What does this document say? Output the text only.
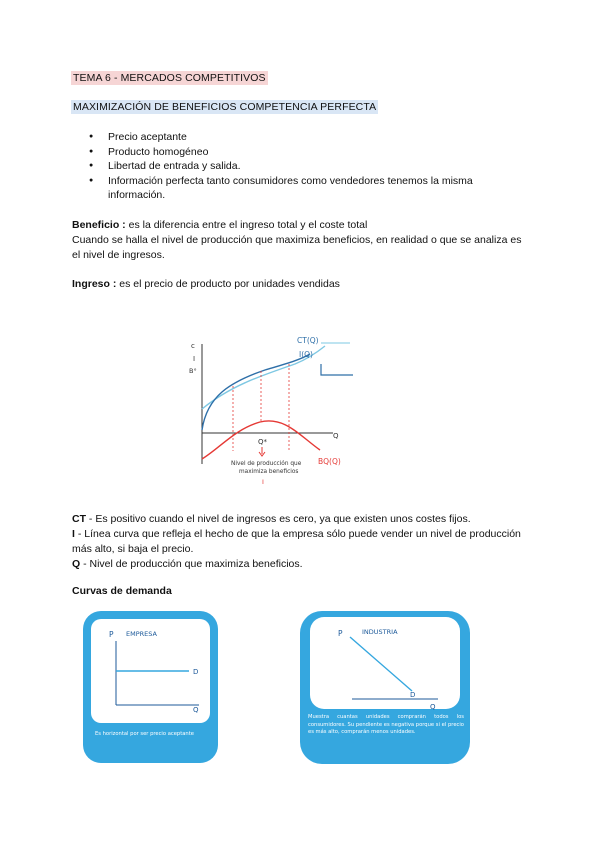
TEMA 6 - MERCADOS COMPETITIVOS
MAXIMIZACIÓN DE BENEFICIOS COMPETENCIA PERFECTA
● Precio aceptante
● Producto homogéneo
● Libertad de entrada y salida.
● Información perfecta tanto consumidores como vendedores tenemos la misma información.
Beneficio : es la diferencia entre el ingreso total y el coste total
Cuando se halla el nivel de producción que maximiza beneficios, en realidad o que se analiza es el nivel de ingresos.
Ingreso : es el precio de producto por unidades vendidas
c
I
B°
Q
CT(Q)
I(Q)
BQ(Q)
Q*
Nivel de producción que
maximiza beneficios
I
CT - Es positivo cuando el nivel de ingresos es cero, ya que existen unos costes fijos.
I - Línea curva que refleja el hecho de que la empresa sólo puede vender un nivel de producción más alto, si baja el precio.
Q - Nivel de producción que maximiza beneficios.
Curvas de demanda
P EMPRESA
D
Q
Es horizontal por ser precio aceptante
P	INDUSTRIA
D
Q
Muestra cuantas unidades comprarán todos los consumidores. Su pendiente es negativa porque si el precio es más alto, comprarán menos unidades.
